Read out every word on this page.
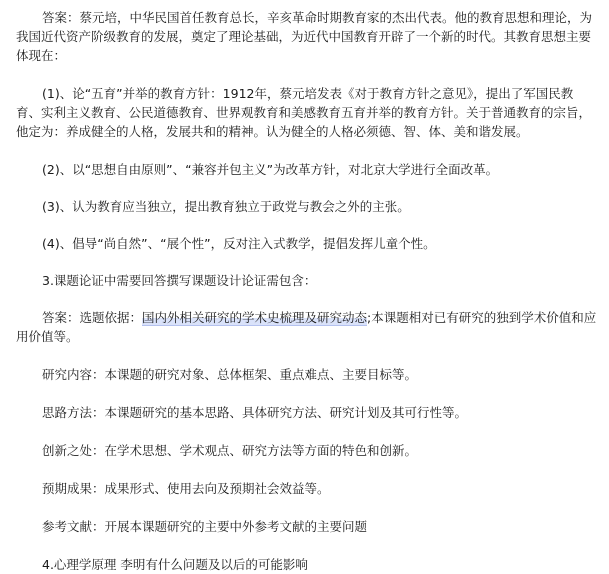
答案：蔡元培，中华民国首任教育总长，辛亥革命时期教育家的杰出代表。他的教育思想和理论，为我国近代资产阶级教育的发展，奠定了理论基础，为近代中国教育开辟了一个新的时代。其教育思想主要体现在：

(1)、论“五育”并举的教育方针：1912年，蔡元培发表《对于教育方针之意见》，提出了军国民教育、实利主义教育、公民道德教育、世界观教育和美感教育五育并举的教育方针。关于普通教育的宗旨，他定为：养成健全的人格，发展共和的精神。认为健全的人格必须德、智、体、美和谐发展。

(2)、以“思想自由原则”、“兼容并包主义”为改革方针，对北京大学进行全面改革。

(3)、认为教育应当独立，提出教育独立于政党与教会之外的主张。

(4)、倡导“尚自然”、“展个性”，反对注入式教学，提倡发挥儿童个性。

3.课题论证中需要回答撰写课题设计论证需包含：

答案：选题依据：国内外相关研究的学术史梳理及研究动态;本课题相对已有研究的独到学术价值和应用价值等。

研究内容：本课题的研究对象、总体框架、重点难点、主要目标等。

思路方法：本课题研究的基本思路、具体研究方法、研究计划及其可行性等。

创新之处：在学术思想、学术观点、研究方法等方面的特色和创新。

预期成果：成果形式、使用去向及预期社会效益等。

参考文献：开展本课题研究的主要中外参考文献的主要问题

4.心理学原理 李明有什么问题及以后的可能影响
